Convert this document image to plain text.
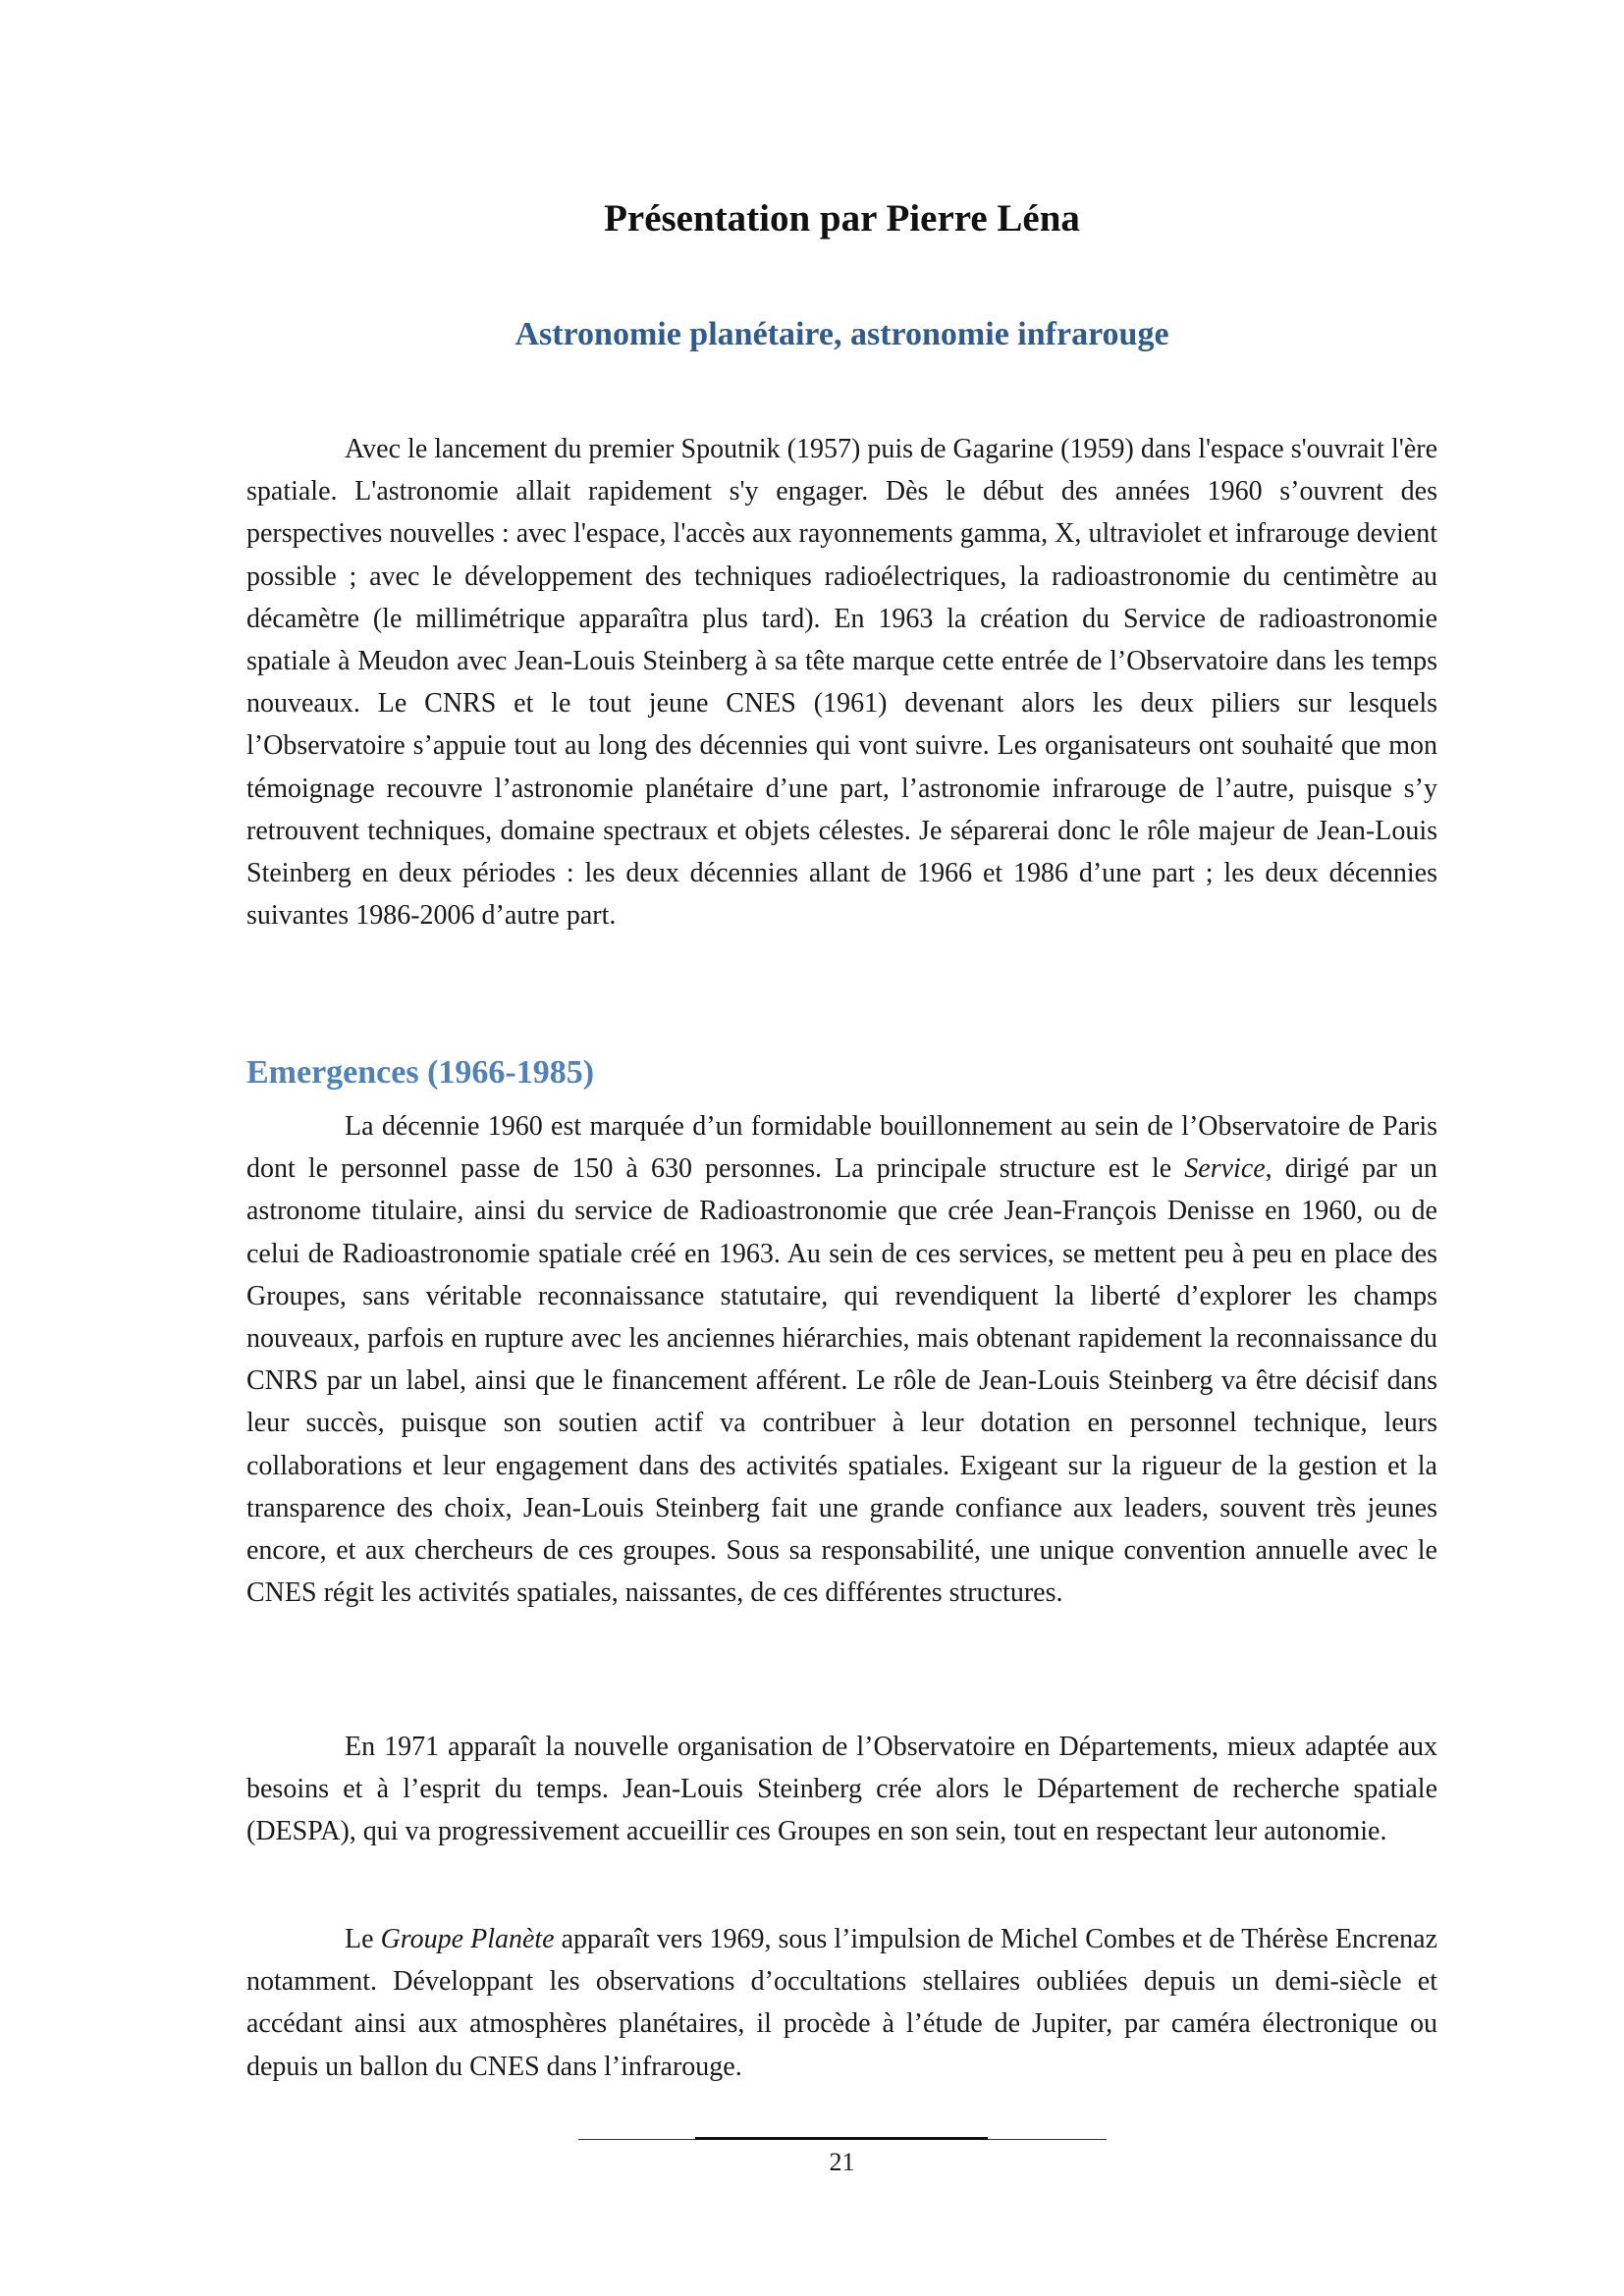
Présentation par Pierre Léna
Astronomie planétaire, astronomie infrarouge

Avec le lancement du premier Spoutnik (1957) puis de Gagarine (1959) dans l'espace s'ouvrait l'ère spatiale. L'astronomie allait rapidement s'y engager. Dès le début des années 1960 s’ouvrent des perspectives nouvelles : avec l'espace, l'accès aux rayonnements gamma, X, ultraviolet et infrarouge devient possible ; avec le développement des techniques radioélectriques, la radioastronomie du centimètre au décamètre (le millimétrique apparaîtra plus tard). En 1963 la création du Service de radioastronomie spatiale à Meudon avec Jean-Louis Steinberg à sa tête marque cette entrée de l’Observatoire dans les temps nouveaux. Le CNRS et le tout jeune CNES (1961) devenant alors les deux piliers sur lesquels l’Observatoire s’appuie tout au long des décennies qui vont suivre. Les organisateurs ont souhaité que mon témoignage recouvre l’astronomie planétaire d’une part, l’astronomie infrarouge de l’autre, puisque s’y retrouvent techniques, domaine spectraux et objets célestes. Je séparerai donc le rôle majeur de Jean-Louis Steinberg en deux périodes : les deux décennies allant de 1966 et 1986 d’une part ; les deux décennies suivantes 1986-2006 d’autre part.

Emergences (1966-1985)

La décennie 1960 est marquée d’un formidable bouillonnement au sein de l’Observatoire de Paris dont le personnel passe de 150 à 630 personnes. La principale structure est le Service, dirigé par un astronome titulaire, ainsi du service de Radioastronomie que crée Jean-François Denisse en 1960, ou de celui de Radioastronomie spatiale créé en 1963. Au sein de ces services, se mettent peu à peu en place des Groupes, sans véritable reconnaissance statutaire, qui revendiquent la liberté d’explorer les champs nouveaux, parfois en rupture avec les anciennes hiérarchies, mais obtenant rapidement la reconnaissance du CNRS par un label, ainsi que le financement afférent. Le rôle de Jean-Louis Steinberg va être décisif dans leur succès, puisque son soutien actif va contribuer à leur dotation en personnel technique, leurs collaborations et leur engagement dans des activités spatiales. Exigeant sur la rigueur de la gestion et la transparence des choix, Jean-Louis Steinberg fait une grande confiance aux leaders, souvent très jeunes encore, et aux chercheurs de ces groupes. Sous sa responsabilité, une unique convention annuelle avec le CNES régit les activités spatiales, naissantes, de ces différentes structures.

En 1971 apparaît la nouvelle organisation de l’Observatoire en Départements, mieux adaptée aux besoins et à l’esprit du temps. Jean-Louis Steinberg crée alors le Département de recherche spatiale (DESPA), qui va progressivement accueillir ces Groupes en son sein, tout en respectant leur autonomie.

Le Groupe Planète apparaît vers 1969, sous l’impulsion de Michel Combes et de Thérèse Encrenaz notamment. Développant les observations d’occultations stellaires oubliées depuis un demi-siècle et accédant ainsi aux atmosphères planétaires, il procède à l’étude de Jupiter, par caméra électronique ou depuis un ballon du CNES dans l’infrarouge.

21
